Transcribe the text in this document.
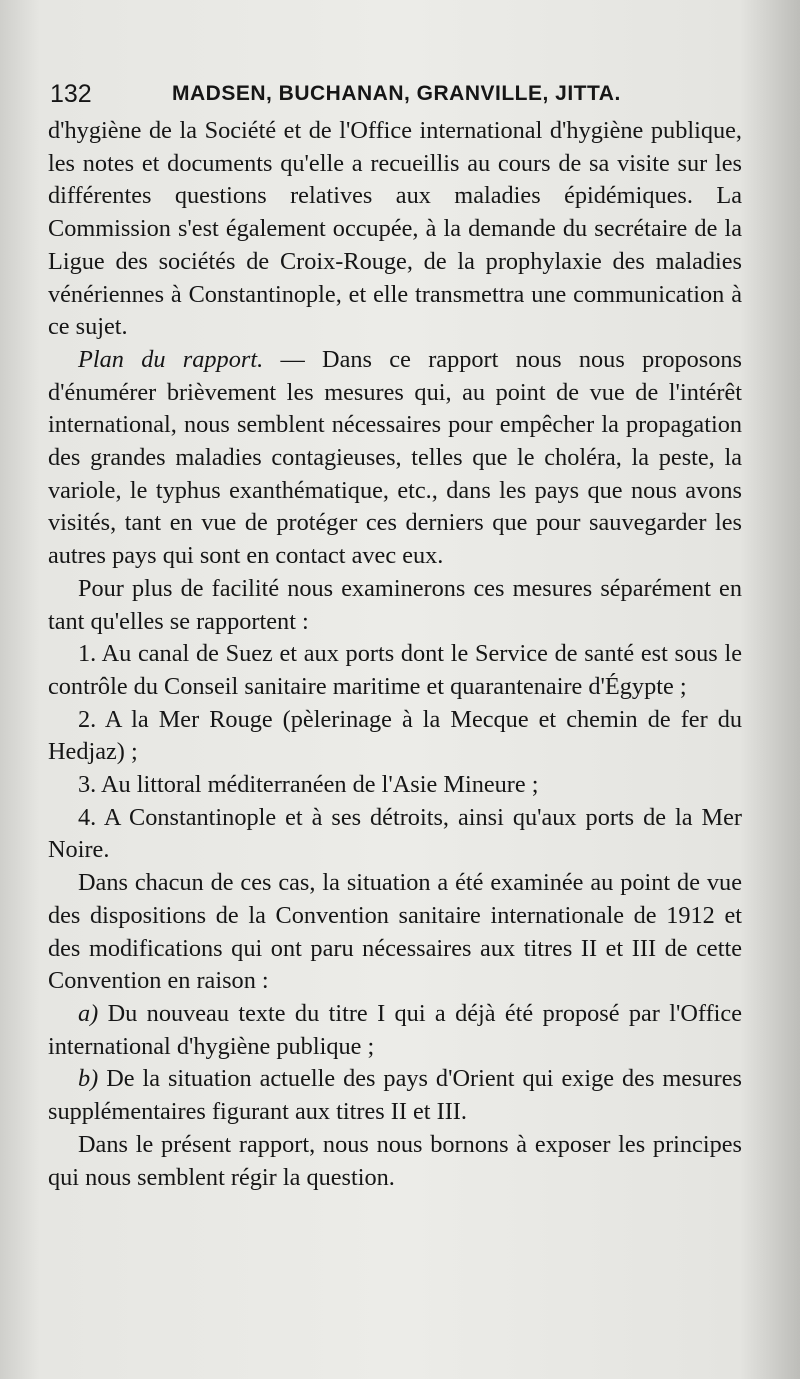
132	MADSEN, BUCHANAN, GRANVILLE, JITTA.

d'hygiène de la Société et de l'Office international d'hygiène publique, les notes et documents qu'elle a recueillis au cours de sa visite sur les différentes questions relatives aux maladies épidémiques. La Commission s'est également occupée, à la demande du secrétaire de la Ligue des sociétés de Croix-Rouge, de la prophylaxie des maladies vénériennes à Constantinople, et elle transmettra une communication à ce sujet.

Plan du rapport. — Dans ce rapport nous nous proposons d'énumérer brièvement les mesures qui, au point de vue de l'intérêt international, nous semblent nécessaires pour empêcher la propagation des grandes maladies contagieuses, telles que le choléra, la peste, la variole, le typhus exanthématique, etc., dans les pays que nous avons visités, tant en vue de protéger ces derniers que pour sauvegarder les autres pays qui sont en contact avec eux.

Pour plus de facilité nous examinerons ces mesures séparément en tant qu'elles se rapportent :

1. Au canal de Suez et aux ports dont le Service de santé est sous le contrôle du Conseil sanitaire maritime et quarantenaire d'Égypte ;

2. A la Mer Rouge (pèlerinage à la Mecque et chemin de fer du Hedjaz) ;

3. Au littoral méditerranéen de l'Asie Mineure ;

4. A Constantinople et à ses détroits, ainsi qu'aux ports de la Mer Noire.

Dans chacun de ces cas, la situation a été examinée au point de vue des dispositions de la Convention sanitaire internationale de 1912 et des modifications qui ont paru nécessaires aux titres II et III de cette Convention en raison :

a) Du nouveau texte du titre I qui a déjà été proposé par l'Office international d'hygiène publique ;

b) De la situation actuelle des pays d'Orient qui exige des mesures supplémentaires figurant aux titres II et III.

Dans le présent rapport, nous nous bornons à exposer les principes qui nous semblent régir la question.
